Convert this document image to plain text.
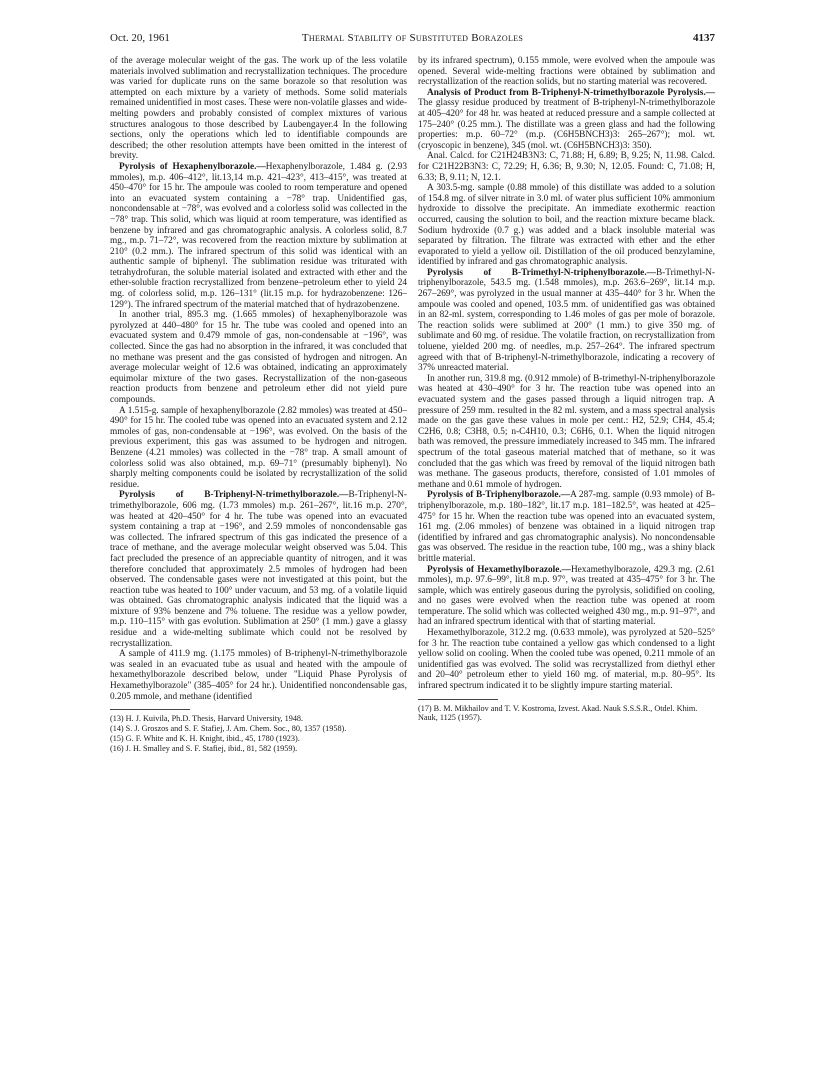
Oct. 20, 1961	Thermal Stability of Substituted Borazoles	4137

of the average molecular weight of the gas. The work up of the less volatile materials involved sublimation and recrystallization techniques. The procedure was varied for duplicate runs on the same borazole so that resolution was attempted on each mixture by a variety of methods. Some solid materials remained unidentified in most cases. These were non-volatile glasses and wide-melting powders and probably consisted of complex mixtures of various structures analogous to those described by Laubengayer.4 In the following sections, only the operations which led to identifiable compounds are described; the other resolution attempts have been omitted in the interest of brevity.

Pyrolysis of Hexaphenylborazole.—Hexaphenylborazole, 1.484 g. (2.93 mmoles), m.p. 406–412°, lit.13,14 m.p. 421–423°, 413–415°, was treated at 450–470° for 15 hr. The ampoule was cooled to room temperature and opened into an evacuated system containing a −78° trap. Unidentified gas, noncondensable at −78°, was evolved and a colorless solid was collected in the −78° trap. This solid, which was liquid at room temperature, was identified as benzene by infrared and gas chromatographic analysis. A colorless solid, 8.7 mg., m.p. 71–72°, was recovered from the reaction mixture by sublimation at 210° (0.2 mm.). The infrared spectrum of this solid was identical with an authentic sample of biphenyl. The sublimation residue was triturated with tetrahydrofuran, the soluble material isolated and extracted with ether and the ether-soluble fraction recrystallized from benzene–petroleum ether to yield 24 mg. of colorless solid, m.p. 126–131° (lit.15 m.p. for hydrazobenzene: 126–129°). The infrared spectrum of the material matched that of hydrazobenzene.

In another trial, 895.3 mg. (1.665 mmoles) of hexaphenylborazole was pyrolyzed at 440–480° for 15 hr. The tube was cooled and opened into an evacuated system and 0.479 mmole of gas, non-condensable at −196°, was collected. Since the gas had no absorption in the infrared, it was concluded that no methane was present and the gas consisted of hydrogen and nitrogen. An average molecular weight of 12.6 was obtained, indicating an approximately equimolar mixture of the two gases. Recrystallization of the non-gaseous reaction products from benzene and petroleum ether did not yield pure compounds.

A 1.515-g. sample of hexaphenylborazole (2.82 mmoles) was treated at 450–490° for 15 hr. The cooled tube was opened into an evacuated system and 2.12 mmoles of gas, non-condensable at −196°, was evolved. On the basis of the previous experiment, this gas was assumed to be hydrogen and nitrogen. Benzene (4.21 mmoles) was collected in the −78° trap. A small amount of colorless solid was also obtained, m.p. 69–71° (presumably biphenyl). No sharply melting components could be isolated by recrystallization of the solid residue.

Pyrolysis of B-Triphenyl-N-trimethylborazole.—B-Triphenyl-N-trimethylborazole, 606 mg. (1.73 mmoles) m.p. 261–267°, lit.16 m.p. 270°, was heated at 420–450° for 4 hr. The tube was opened into an evacuated system containing a trap at −196°, and 2.59 mmoles of noncondensable gas was collected. The infrared spectrum of this gas indicated the presence of a trace of methane, and the average molecular weight observed was 5.04. This fact precluded the presence of an appreciable quantity of nitrogen, and it was therefore concluded that approximately 2.5 mmoles of hydrogen had been observed. The condensable gases were not investigated at this point, but the reaction tube was heated to 100° under vacuum, and 53 mg. of a volatile liquid was obtained. Gas chromatographic analysis indicated that the liquid was a mixture of 93% benzene and 7% toluene. The residue was a yellow powder, m.p. 110–115° with gas evolution. Sublimation at 250° (1 mm.) gave a glassy residue and a wide-melting sublimate which could not be resolved by recrystallization.

A sample of 411.9 mg. (1.175 mmoles) of B-triphenyl-N-trimethylborazole was sealed in an evacuated tube as usual and heated with the ampoule of hexamethylborazole described below, under "Liquid Phase Pyrolysis of Hexamethylborazole" (385–405° for 24 hr.). Unidentified noncondensable gas, 0.205 mmole, and methane (identified

(13) H. J. Kuivila, Ph.D. Thesis, Harvard University, 1948.
(14) S. J. Groszos and S. F. Stafiej, J. Am. Chem. Soc., 80, 1357 (1958).
(15) G. F. White and K. H. Knight, ibid., 45, 1780 (1923).
(16) J. H. Smalley and S. F. Stafiej, ibid., 81, 582 (1959).

by its infrared spectrum), 0.155 mmole, were evolved when the ampoule was opened. Several wide-melting fractions were obtained by sublimation and recrystallization of the reaction solids, but no starting material was recovered.

Analysis of Product from B-Triphenyl-N-trimethylborazole Pyrolysis.—The glassy residue produced by treatment of B-triphenyl-N-trimethylborazole at 405–420° for 48 hr. was heated at reduced pressure and a sample collected at 175–240° (0.25 mm.). The distillate was a green glass and had the following properties: m.p. 60–72° (m.p. (C6H5BNCH3)3: 265–267°); mol. wt. (cryoscopic in benzene), 345 (mol. wt. (C6H5BNCH3)3: 350).

Anal. Calcd. for C21H24B3N3: C, 71.88; H, 6.89; B, 9.25; N, 11.98. Calcd. for C21H22B3N3: C, 72.29; H, 6.36; B, 9.30; N, 12.05. Found: C, 71.08; H, 6.33; B, 9.11; N, 12.1.

A 303.5-mg. sample (0.88 mmole) of this distillate was added to a solution of 154.8 mg. of silver nitrate in 3.0 ml. of water plus sufficient 10% ammonium hydroxide to dissolve the precipitate. An immediate exothermic reaction occurred, causing the solution to boil, and the reaction mixture became black. Sodium hydroxide (0.7 g.) was added and a black insoluble material was separated by filtration. The filtrate was extracted with ether and the ether evaporated to yield a yellow oil. Distillation of the oil produced benzylamine, identified by infrared and gas chromatographic analysis.

Pyrolysis of B-Trimethyl-N-triphenylborazole.—B-Trimethyl-N-triphenylborazole, 543.5 mg. (1.548 mmoles), m.p. 263.6–269°, lit.14 m.p. 267–269°, was pyrolyzed in the usual manner at 435–440° for 3 hr. When the ampoule was cooled and opened, 103.5 mm. of unidentified gas was obtained in an 82-ml. system, corresponding to 1.46 moles of gas per mole of borazole. The reaction solids were sublimed at 200° (1 mm.) to give 350 mg. of sublimate and 60 mg. of residue. The volatile fraction, on recrystallization from toluene, yielded 200 mg. of needles, m.p. 257–264°. The infrared spectrum agreed with that of B-triphenyl-N-trimethylborazole, indicating a recovery of 37% unreacted material.

In another run, 319.8 mg. (0.912 mmole) of B-trimethyl-N-triphenylborazole was heated at 430–490° for 3 hr. The reaction tube was opened into an evacuated system and the gases passed through a liquid nitrogen trap. A pressure of 259 mm. resulted in the 82 ml. system, and a mass spectral analysis made on the gas gave these values in mole per cent.: H2, 52.9; CH4, 45.4; C2H6, 0.8; C3H8, 0.5; n-C4H10, 0.3; C6H6, 0.1. When the liquid nitrogen bath was removed, the pressure immediately increased to 345 mm. The infrared spectrum of the total gaseous material matched that of methane, so it was concluded that the gas which was freed by removal of the liquid nitrogen bath was methane. The gaseous products, therefore, consisted of 1.01 mmoles of methane and 0.61 mmole of hydrogen.

Pyrolysis of B-Triphenylborazole.—A 287-mg. sample (0.93 mmole) of B-triphenylborazole, m.p. 180–182°, lit.17 m.p. 181–182.5°, was heated at 425–475° for 15 hr. When the reaction tube was opened into an evacuated system, 161 mg. (2.06 mmoles) of benzene was obtained in a liquid nitrogen trap (identified by infrared and gas chromatographic analysis). No noncondensable gas was observed. The residue in the reaction tube, 100 mg., was a shiny black brittle material.

Pyrolysis of Hexamethylborazole.—Hexamethylborazole, 429.3 mg. (2.61 mmoles), m.p. 97.6–99°, lit.8 m.p. 97°, was treated at 435–475° for 3 hr. The sample, which was entirely gaseous during the pyrolysis, solidified on cooling, and no gases were evolved when the reaction tube was opened at room temperature. The solid which was collected weighed 430 mg., m.p. 91–97°, and had an infrared spectrum identical with that of starting material.

Hexamethylborazole, 312.2 mg. (0.633 mmole), was pyrolyzed at 520–525° for 3 hr. The reaction tube contained a yellow gas which condensed to a light yellow solid on cooling. When the cooled tube was opened, 0.211 mmole of an unidentified gas was evolved. The solid was recrystallized from diethyl ether and 20–40° petroleum ether to yield 160 mg. of material, m.p. 80–95°. Its infrared spectrum indicated it to be slightly impure starting material.

(17) B. M. Mikhailov and T. V. Kostroma, Izvest. Akad. Nauk S.S.S.R., Otdel. Khim. Nauk, 1125 (1957).
